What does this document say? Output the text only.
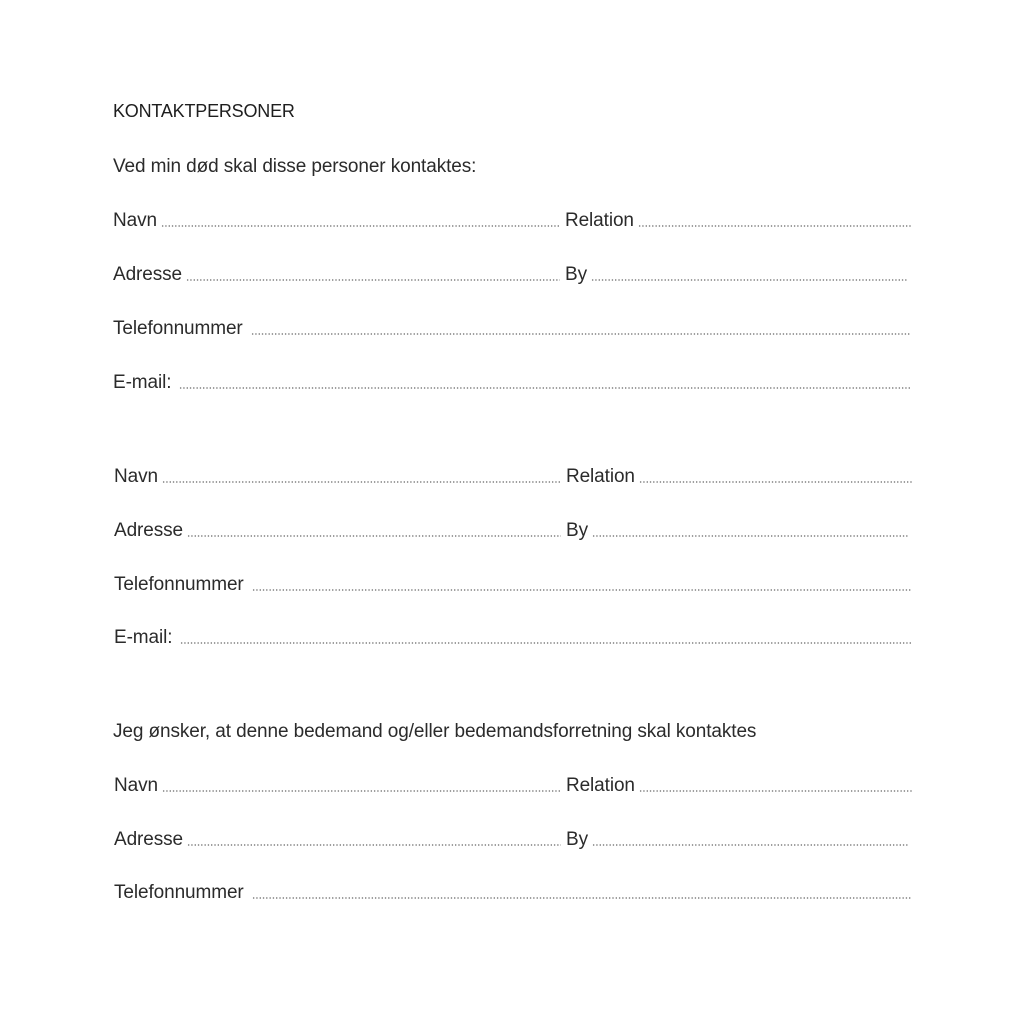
KONTAKTPERSONER
Ved min død skal disse personer kontaktes:
Navn	Relation
Adresse	By
Telefonnummer
E-mail:
Navn	Relation
Adresse	By
Telefonnummer
E-mail:
Jeg ønsker, at denne bedemand og/eller bedemandsforretning skal kontaktes
Navn	Relation
Adresse	By
Telefonnummer
